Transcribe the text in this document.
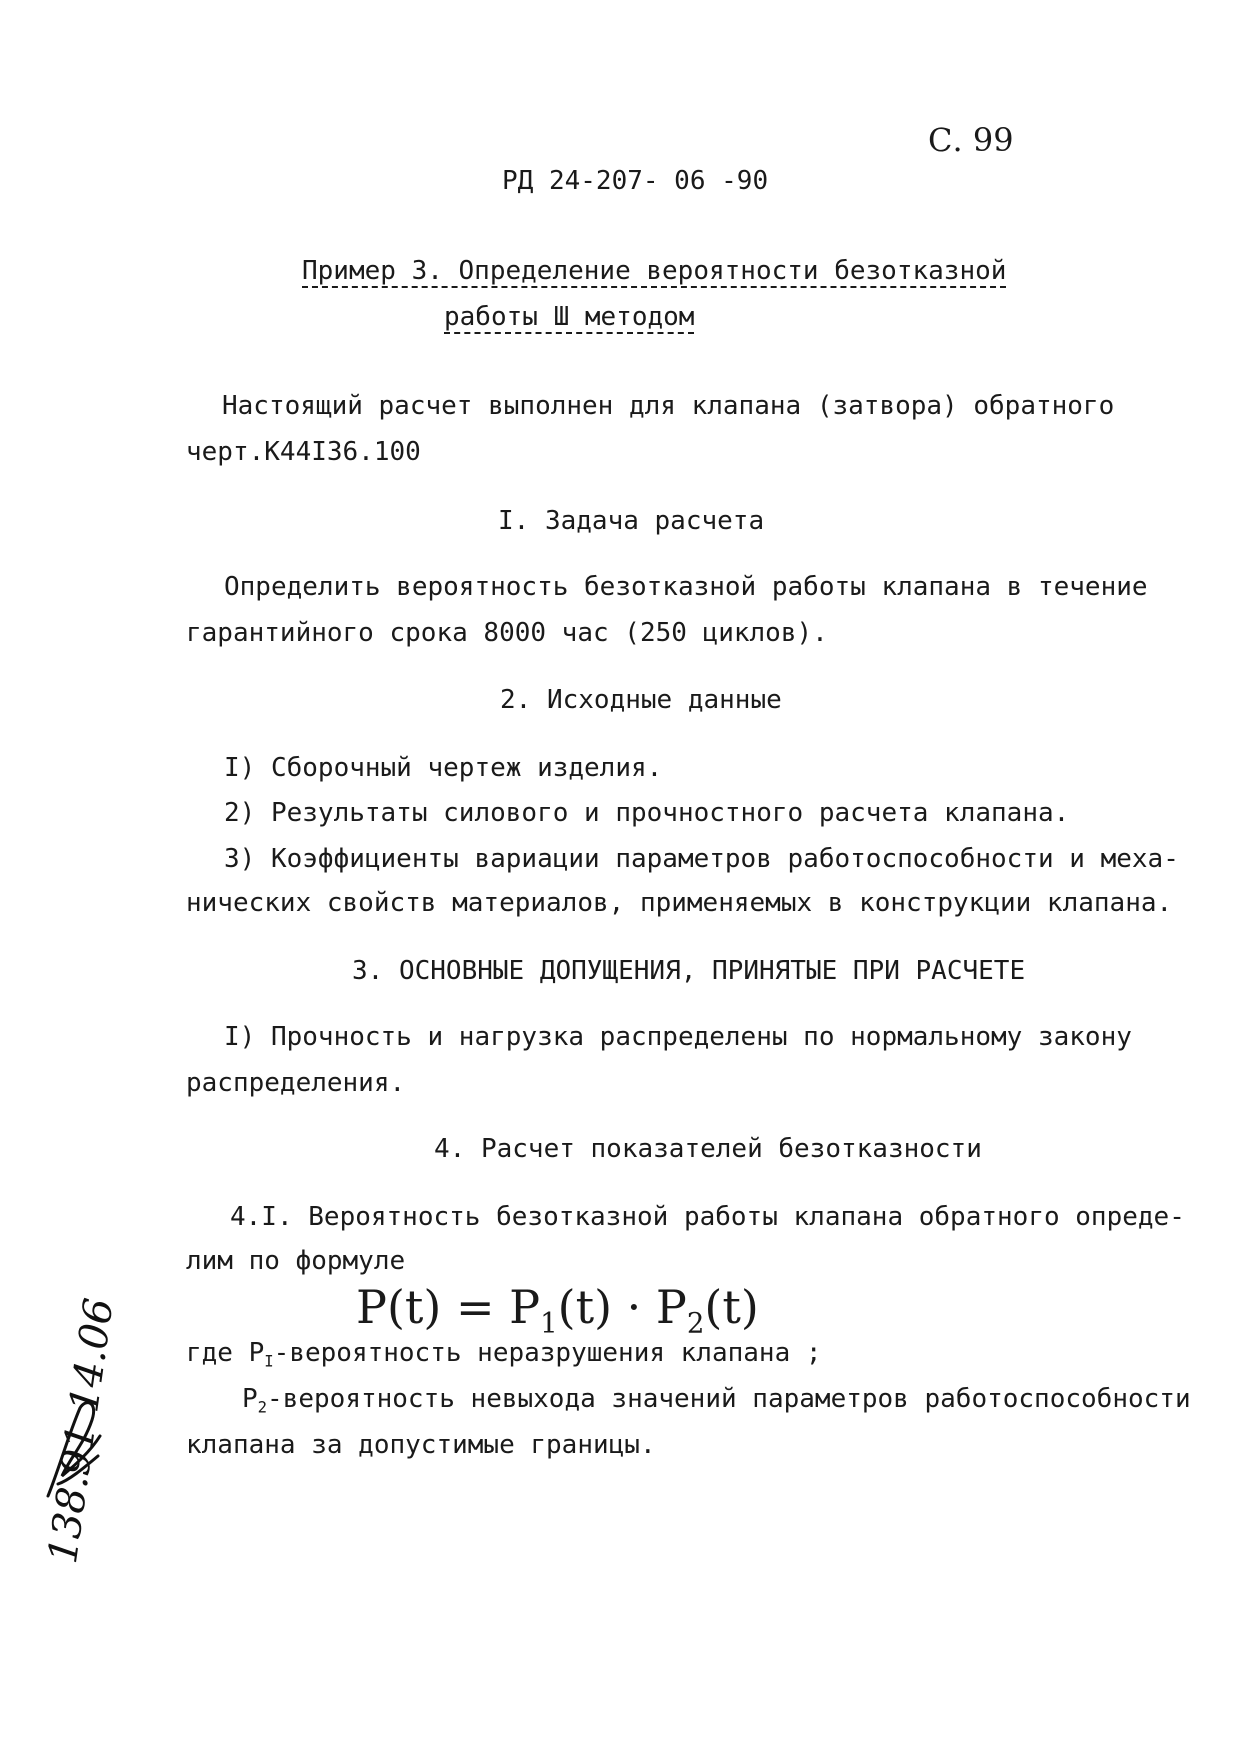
С. 99
РД 24-207- 06 -90
Пример 3. Определение вероятности безотказной
работы Ш методом
Настоящий расчет выполнен для клапана (затвора) обратного
черт.К44I36.100
I. Задача расчета
Определить вероятность безотказной работы клапана в течение
гарантийного срока 8000 час (250 циклов).
2. Исходные данные
I) Сборочный чертеж изделия.
2) Результаты силового и прочностного расчета клапана.
3) Коэффициенты вариации параметров работоспособности и меха-
нических свойств материалов, применяемых в конструкции клапана.
3. ОСНОВНЫЕ ДОПУЩЕНИЯ, ПРИНЯТЫЕ ПРИ РАСЧЕТЕ
I) Прочность и нагрузка распределены по нормальному закону
распределения.
4. Расчет показателей безотказности
4.I. Вероятность безотказной работы клапана обратного опреде-
лим по формуле
$P(t) = P_1(t) \cdot P_2(t)$
где $P_I$-вероятность неразрушения клапана ;
$P_2$-вероятность невыхода значений параметров работоспособности
клапана за допустимые границы.
138.91 14.06
